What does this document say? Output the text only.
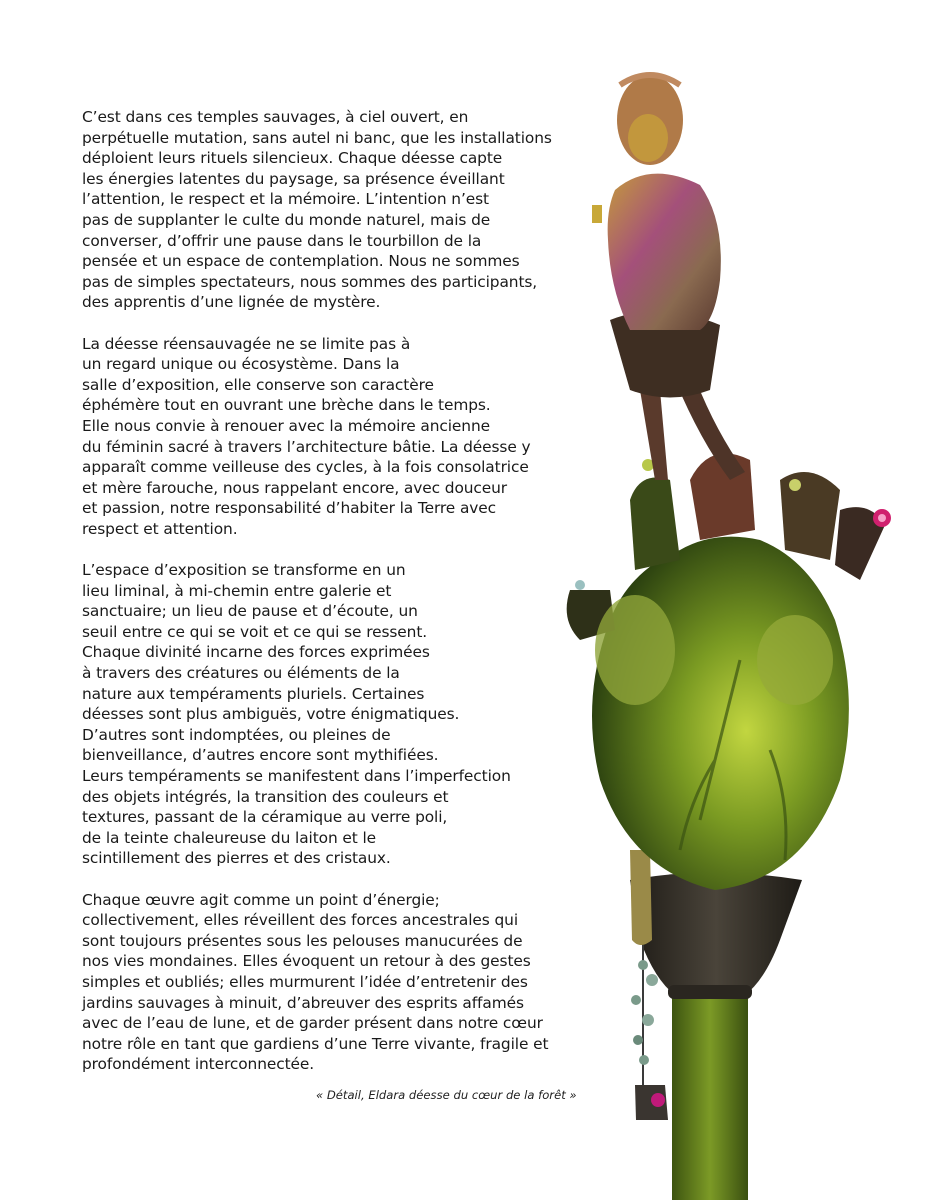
C’est dans ces temples sauvages, à ciel ouvert, en
perpétuelle mutation, sans autel ni banc, que les installations
déploient leurs rituels silencieux. Chaque déesse capte
les énergies latentes du paysage, sa présence éveillant
l’attention, le respect et la mémoire. L’intention n’est
pas de supplanter le culte du monde naturel, mais de
converser, d’offrir une pause dans le tourbillon de la
pensée et un espace de contemplation. Nous ne sommes
pas de simples spectateurs, nous sommes des participants,
des apprentis d’une lignée de mystère.

La déesse réensauvagée ne se limite pas à
un regard unique ou écosystème. Dans la
salle d’exposition, elle conserve son caractère
éphémère tout en ouvrant une brèche dans le temps.
Elle nous convie à renouer avec la mémoire ancienne
du féminin sacré à travers l’architecture bâtie. La déesse y
apparaît comme veilleuse des cycles, à la fois consolatrice
et mère farouche, nous rappelant encore, avec douceur
et passion, notre responsabilité d’habiter la Terre avec
respect et attention.

L’espace d’exposition se transforme en un
lieu liminal, à mi-chemin entre galerie et
sanctuaire; un lieu de pause et d’écoute, un
seuil entre ce qui se voit et ce qui se ressent.
Chaque divinité incarne des forces exprimées
à travers des créatures ou éléments de la
nature aux tempéraments pluriels. Certaines
déesses sont plus ambiguës, votre énigmatiques.
D’autres sont indomptées, ou pleines de
bienveillance, d’autres encore sont mythifiées.
Leurs tempéraments se manifestent dans l’imperfection
des objets intégrés, la transition des couleurs et
textures, passant de la céramique au verre poli,
de la teinte chaleureuse du laiton et le
scintillement des pierres et des cristaux.

Chaque œuvre agit comme un point d’énergie;
collectivement, elles réveillent des forces ancestrales qui
sont toujours présentes sous les pelouses manucurées de
nos vies mondaines. Elles évoquent un retour à des gestes
simples et oubliés; elles murmurent l’idée d’entretenir des
jardins sauvages à minuit, d’abreuver des esprits affamés
avec de l’eau de lune, et de garder présent dans notre cœur
notre rôle en tant que gardiens d’une Terre vivante, fragile et
profondément interconnectée.

« Détail, Eldara déesse du cœur de la forêt »
